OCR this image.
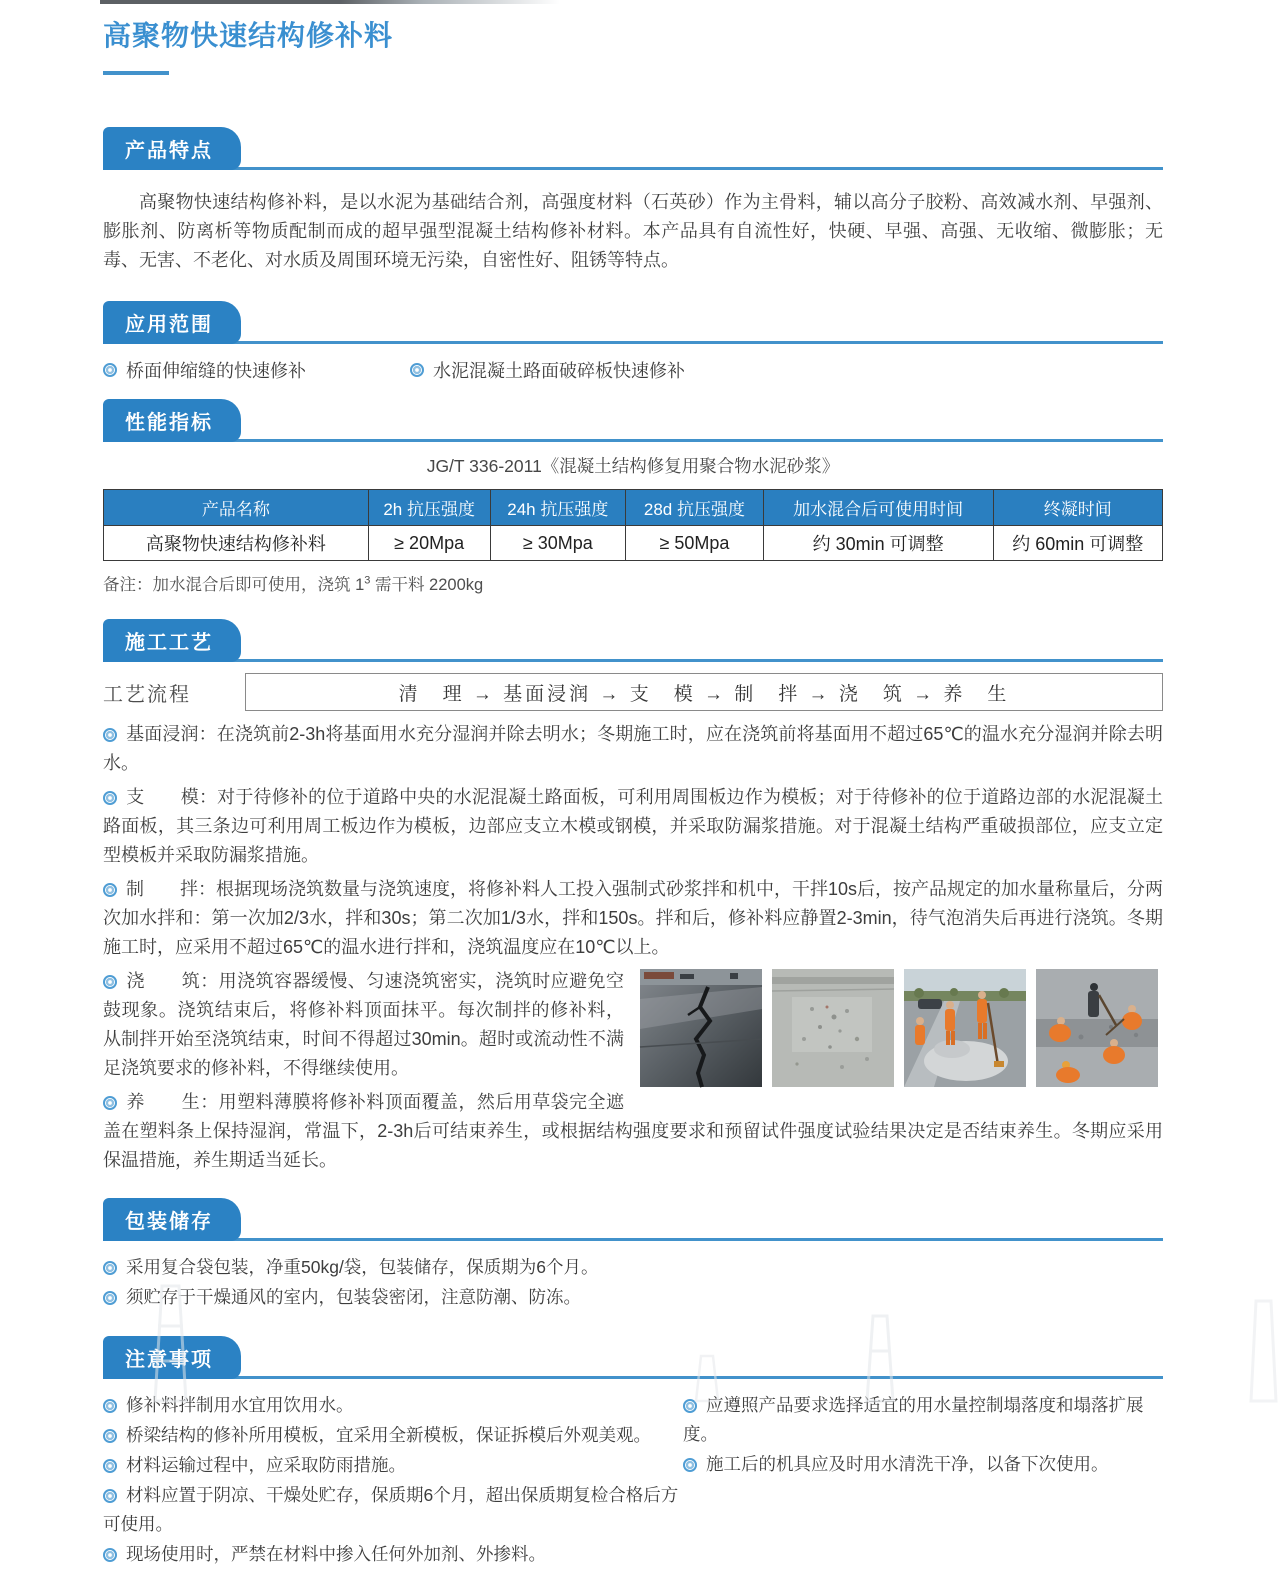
高聚物快速结构修补料
产品特点

高聚物快速结构修补料，是以水泥为基础结合剂，高强度材料（石英砂）作为主骨料，辅以高分子胶粉、高效减水剂、早强剂、膨胀剂、防离析等物质配制而成的超早强型混凝土结构修补材料。本产品具有自流性好，快硬、早强、高强、无收缩、微膨胀；无毒、无害、不老化、对水质及周围环境无污染，自密性好、阻锈等特点。

应用范围
桥面伸缩缝的快速修补	水泥混凝土路面破碎板快速修补
性能指标
JG/T 336-2011《混凝土结构修复用聚合物水泥砂浆》
产品名称	2h 抗压强度	24h 抗压强度	28d 抗压强度	加水混合后可使用时间	终凝时间
高聚物快速结构修补料	≥ 20Mpa	≥ 30Mpa	≥ 50Mpa	约 30min 可调整	约 60min 可调整
备注：加水混合后即可使用，浇筑 $1^3$ 需干料 2200kg
施工工艺
工艺流程	清　理 → 基面浸润 → 支　模 → 制　拌 → 浇　筑 → 养　生

基面浸润：在浇筑前2-3h将基面用水充分湿润并除去明水；冬期施工时，应在浇筑前将基面用不超过65℃的温水充分湿润并除去明水。

支　　模：对于待修补的位于道路中央的水泥混凝土路面板，可利用周围板边作为模板；对于待修补的位于道路边部的水泥混凝土路面板，其三条边可利用周工板边作为模板，边部应支立木模或钢模，并采取防漏浆措施。对于混凝土结构严重破损部位，应支立定型模板并采取防漏浆措施。

制　　拌：根据现场浇筑数量与浇筑速度，将修补料人工投入强制式砂浆拌和机中，干拌10s后，按产品规定的加水量称量后，分两次加水拌和：第一次加2/3水，拌和30s；第二次加1/3水，拌和150s。拌和后，修补料应静置2-3min，待气泡消失后再进行浇筑。冬期施工时，应采用不超过65℃的温水进行拌和，浇筑温度应在10℃以上。

浇　　筑：用浇筑容器缓慢、匀速浇筑密实，浇筑时应避免空鼓现象。浇筑结束后，将修补料顶面抹平。每次制拌的修补料，从制拌开始至浇筑结束，时间不得超过30min。超时或流动性不满足浇筑要求的修补料，不得继续使用。

养　　生：用塑料薄膜将修补料顶面覆盖，然后用草袋完全遮盖在塑料条上保持湿润，常温下，2-3h后可结束养生，或根据结构强度要求和预留试件强度试验结果决定是否结束养生。冬期应采用保温措施，养生期适当延长。

包装储存

采用复合袋包装，净重50kg/袋，包装储存，保质期为6个月。

须贮存于干燥通风的室内，包装袋密闭，注意防潮、防冻。

注意事项

修补料拌制用水宜用饮用水。

桥梁结构的修补所用模板，宜采用全新模板，保证拆模后外观美观。

材料运输过程中，应采取防雨措施。

材料应置于阴凉、干燥处贮存，保质期6个月，超出保质期复检合格后方可使用。

现场使用时，严禁在材料中掺入任何外加剂、外掺料。

应遵照产品要求选择适宜的用水量控制塌落度和塌落扩展度。

施工后的机具应及时用水清洗干净，以备下次使用。
